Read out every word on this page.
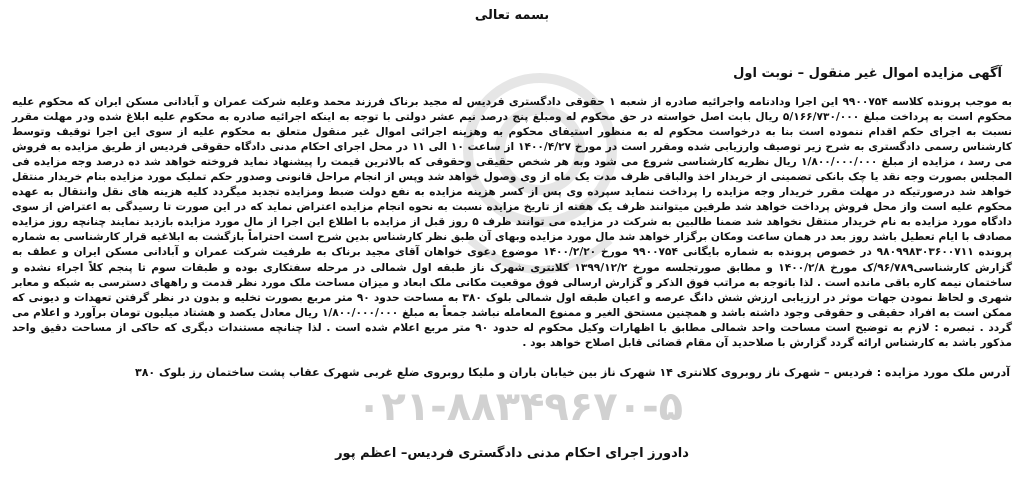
۰۲۱-۸۸۳۴۹۶۷۰-۵
بسمه تعالی
آگهی مزایده اموال غیر منقول – نوبت اول
به موجب پرونده کلاسه ۹۹۰۰۷۵۴ این اجرا ودادنامه واجرائیه صادره از شعبه ۱ حقوقی دادگستری فردیس له مجید برناک فرزند محمد وعلیه شرکت عمران و آبادانی مسکن ایران که محکوم علیه محکوم است به پرداخت مبلغ ۵/۱۶۶/۷۳۰/۰۰۰ ریال بابت اصل خواسته در حق محکوم له ومبلغ پنج درصد نیم عشر دولتی با توجه به اینکه اجرائیه صادره به محکوم علیه ابلاغ شده ودر مهلت مقرر نسبت به اجرای حکم اقدام ننموده است بنا به درخواست محکوم له به منظور استیفای محکوم به وهزینه اجرائی اموال غیر منقول متعلق به محکوم علیه از سوی این اجرا توقیف وتوسط کارشناس رسمی دادگستری به شرح زیر توصیف وارزیابی شده ومقرر است در مورخ ۱۴۰۰/۴/۲۷ از ساعت ۱۰ الی ۱۱ در محل اجرای احکام مدنی دادگاه حقوقی فردیس از طریق مزایده به فروش می رسد ، مزایده از مبلغ ۱/۸۰۰/۰۰۰/۰۰۰ ریال نظریه کارشناسی شروع می شود وبه هر شخص حقیقی وحقوقی که بالاترین قیمت را پیشنهاد نماید فروخته خواهد شد ده درصد وجه مزایده فی المجلس بصورت وجه نقد یا چک بانکی تضمینی از خریدار اخذ والباقی ظرف مدت یک ماه از وی وصول خواهد شد وپس از انجام مراحل قانونی وصدور حکم تملیک مورد مزایده بنام خریدار منتقل خواهد شد درصورتیکه در مهلت مقرر خریدار وجه مزایده را پرداخت ننماید سپرده وی پس از کسر هزینه مزایده به نفع دولت ضبط ومزایده تجدید میگردد کلیه هزینه های نقل وانتقال به عهده محکوم علیه است واز محل فروش پرداخت خواهد شد طرفین میتوانند ظرف یک هفته از تاریخ مزایده نسبت به نحوه انجام مزایده اعتراض نماید که در این صورت تا رسیدگی به اعتراض از سوی دادگاه مورد مزایده به نام خریدار منتقل نخواهد شد ضمنا طالبین به شرکت در مزایده می توانند ظرف ۵ روز قبل از مزایده با اطلاع این اجرا از مال مورد مزایده بازدید نمایند چنانچه روز مزایده مصادف با ایام تعطیل باشد روز بعد در همان ساعت ومکان برگزار خواهد شد مال مورد مزایده وبهای آن طبق نظر کارشناس بدین شرح است احتراماً بازگشت به ابلاغیه قرار کارشناسی به شماره پرونده ۹۸۰۹۹۸۳۰۳۶۰۰۷۱۱ در خصوص پرونده به شماره بایگانی ۹۹۰۰۷۵۴ مورخ ۱۴۰۰/۲/۲۰ موضوع دعوی خواهان آقای مجید برناک به طرفیت شرکت عمران و آبادانی مسکن ایران و عطف به گزارش کارشناسی۹۶/۷۸۹/ک مورخ ۱۴۰۰/۲/۸ و مطابق صورتجلسه مورخ ۱۳۹۹/۱۲/۲ کلانتری شهرک ناز طبقه اول شمالی در مرحله سفتکاری بوده و طبقات سوم تا پنجم کلاً اجراء نشده و ساختمان نیمه کاره باقی مانده است . لذا باتوجه به مراتب فوق الذکر و گزارش ارسالی فوق موقعیت مکانی ملک ابعاد و میزان مساحت ملک مورد نظر قدمت و راههای دسترسی به شبکه و معابر شهری و لحاظ نمودن جهات موثر در ارزیابی ارزش شش دانگ عرصه و اعیان طبقه اول شمالی بلوک ۳۸۰ به مساحت حدود ۹۰ متر مربع بصورت تخلیه و بدون در نظر گرفتن تعهدات و دیونی که ممکن است به افراد حقیقی و حقوقی وجود داشته باشد و همچنین مستحق الغیر و ممنوع المعامله نباشد جمعاً به مبلغ ۱/۸۰۰/۰۰۰/۰۰۰ ریال معادل یکصد و هشتاد میلیون تومان برآورد و اعلام می گردد . تبصره : لازم به توضیح است مساحت واحد شمالی مطابق با اظهارات وکیل محکوم له حدود ۹۰ متر مربع اعلام شده است . لذا چنانچه مستندات دیگری که حاکی از مساحت دقیق واحد مذکور باشد به کارشناس ارائه گردد گزارش با صلاحدید آن مقام قضائی قابل اصلاح خواهد بود .
آدرس ملک مورد مزایده : فردیس – شهرک ناز روبروی کلانتری ۱۴ شهرک ناز بین خیابان باران و ملیکا روبروی ضلع غربی شهرک عقاب پشت ساختمان رز بلوک ۳۸۰
دادورز اجرای احکام مدنی دادگستری فردیس– اعظم پور
